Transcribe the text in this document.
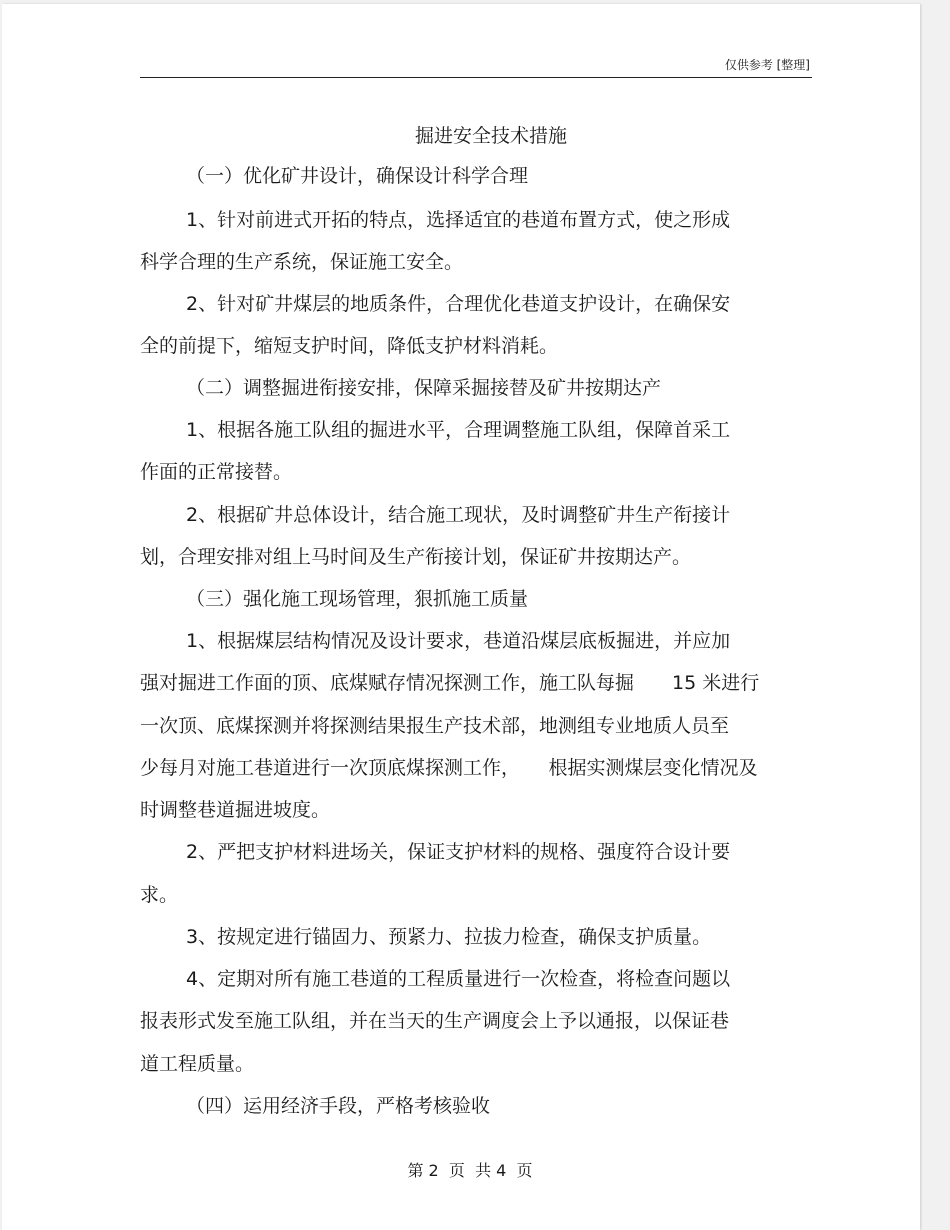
仅供参考 [整理]
掘进安全技术措施
（一）优化矿井设计，确保设计科学合理
1、针对前进式开拓的特点，选择适宜的巷道布置方式，使之形成
科学合理的生产系统，保证施工安全。
2、针对矿井煤层的地质条件，合理优化巷道支护设计，在确保安
全的前提下，缩短支护时间，降低支护材料消耗。
（二）调整掘进衔接安排，保障采掘接替及矿井按期达产
1、根据各施工队组的掘进水平，合理调整施工队组，保障首采工
作面的正常接替。
2、根据矿井总体设计，结合施工现状，及时调整矿井生产衔接计
划，合理安排对组上马时间及生产衔接计划，保证矿井按期达产。
（三）强化施工现场管理，狠抓施工质量
1、根据煤层结构情况及设计要求，巷道沿煤层底板掘进，并应加
强对掘进工作面的顶、底煤赋存情况探测工作，施工队每掘　　15 米进行
一次顶、底煤探测并将探测结果报生产技术部，地测组专业地质人员至
少每月对施工巷道进行一次顶底煤探测工作，　　根据实测煤层变化情况及
时调整巷道掘进坡度。
2、严把支护材料进场关，保证支护材料的规格、强度符合设计要
求。
3、按规定进行锚固力、预紧力、拉拔力检查，确保支护质量。
4、定期对所有施工巷道的工程质量进行一次检查，将检查问题以
报表形式发至施工队组，并在当天的生产调度会上予以通报，以保证巷
道工程质量。
（四）运用经济手段，严格考核验收
第 2  页  共 4  页
